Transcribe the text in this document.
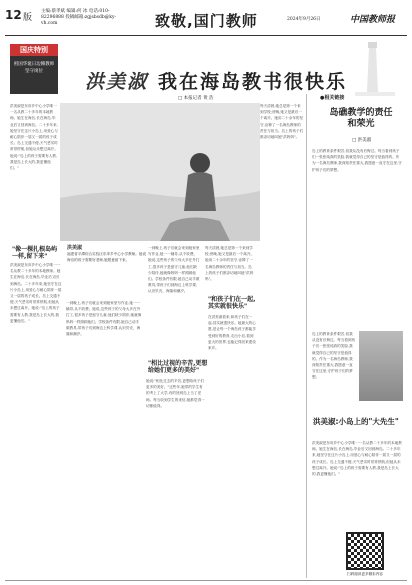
12 版
主编:蔡孝斌 编辑:何 冰 电话:010-82296888 投稿邮箱:zgjsbsdb@ky-vh.com	致敬,国门教师	2024年9月26日	中国教师报
国庆特别
祖国华诞日边陲教师坚守岗位	洪美淑 我在海岛教书很快乐
□ 本报记者 黄 浩
洪美淑
福建省平潭综合实验区东庠乡中心小学教师。她说海岛的孩子需要好老师,她愿意留下来。
洪美淑是东庠乡中心小学唯一一名从教二十多年的本地教师。她生在海岛,长在海岛,毕业后又回到海岛。二十多年来,她坚守在这片小岛上,用爱心与耐心陪伴一届又一届的孩子成长。岛上交通不便,天气恶劣时常常停航,但她从未想过离开。她说:"岛上的孩子需要有人教,我是岛上长大的,我更懂他们。"
一到晚上,孩子们就会来到她家里写作业,她一一辅导,从不收费。她说,这些孩子的父母大多在外打工,很多孩子是留守儿童,他们缺少陪伴,她就像妈妈一样照顾他们。学校条件有限,她自己动手做教具,带孩子们到海边上科学课,认识贝壳、海藻和潮汐。
"像一棵扎根岛屿一样,留下来"
洪美淑是东庠乡中心小学唯一一名从教二十多年的本地教师。她生在海岛,长在海岛,毕业后又回到海岛。二十多年来,她坚守在这片小岛上,用爱心与耐心陪伴一届又一届的孩子成长。岛上交通不便,天气恶劣时常常停航,但她从未想过离开。她说:"岛上的孩子需要有人教,我是岛上长大的,我更懂他们。"
一到晚上,孩子们就会来到她家里写作业,她一一辅导,从不收费。她说,这些孩子的父母大多在外打工,很多孩子是留守儿童,他们缺少陪伴,她就像妈妈一样照顾他们。学校条件有限,她自己动手做教具,带孩子们到海边上科学课,认识贝壳、海藻和潮汐。
"相比过视的辛苦,更想给她们更多的美好"
她说:"相比过去的辛苦,更想给孩子们更多的美好。"这些年,她带的学生有的考上了大学,有的回到岛上当了老师。每当收到学生的来信,她都觉得一切都值得。
每天清晨,她总是第一个来到学校;傍晚,她又是最后一个离开。她用二十余年的坚守,诠释了一名海岛教师的责任与担当。岛上的孩子们都亲切地叫她"洪妈妈"。
"和孩子们在一起,其实就很快乐"
在洪美淑看来,和孩子们在一起,其实就很快乐。她最大的心愿,是让每一个海岛孩子都能享受到好的教育,走出小岛,看到更大的世界,也能记得回来建设家乡。
每天清晨,她总是第一个来到学校;傍晚,她又是最后一个离开。她用二十余年的坚守,诠释了一名海岛教师的责任与担当。岛上的孩子们都亲切地叫她"洪妈妈"。
●相关链接
岛礁教学的责任和荣光
□ 洪美淑
岛上的教育条件艰苦,但我从没有后悔过。每当看到孩子们一张张纯真的笑脸,我就觉得自己的坚守是值得的。作为一名海岛教师,我深知责任重大,我愿意一直守在这里,守护孩子们的梦想。
岛上的教育条件艰苦,但我从没有后悔过。每当看到孩子们一张张纯真的笑脸,我就觉得自己的坚守是值得的。作为一名海岛教师,我深知责任重大,我愿意一直守在这里,守护孩子们的梦想。
洪美淑:小岛上的"大先生"
洪美淑是东庠乡中心小学唯一一名从教二十多年的本地教师。她生在海岛,长在海岛,毕业后又回到海岛。二十多年来,她坚守在这片小岛上,用爱心与耐心陪伴一届又一届的孩子成长。岛上交通不便,天气恶劣时常常停航,但她从未想过离开。她说:"岛上的孩子需要有人教,我是岛上长大的,我更懂他们。"
扫码阅读更多精彩内容
